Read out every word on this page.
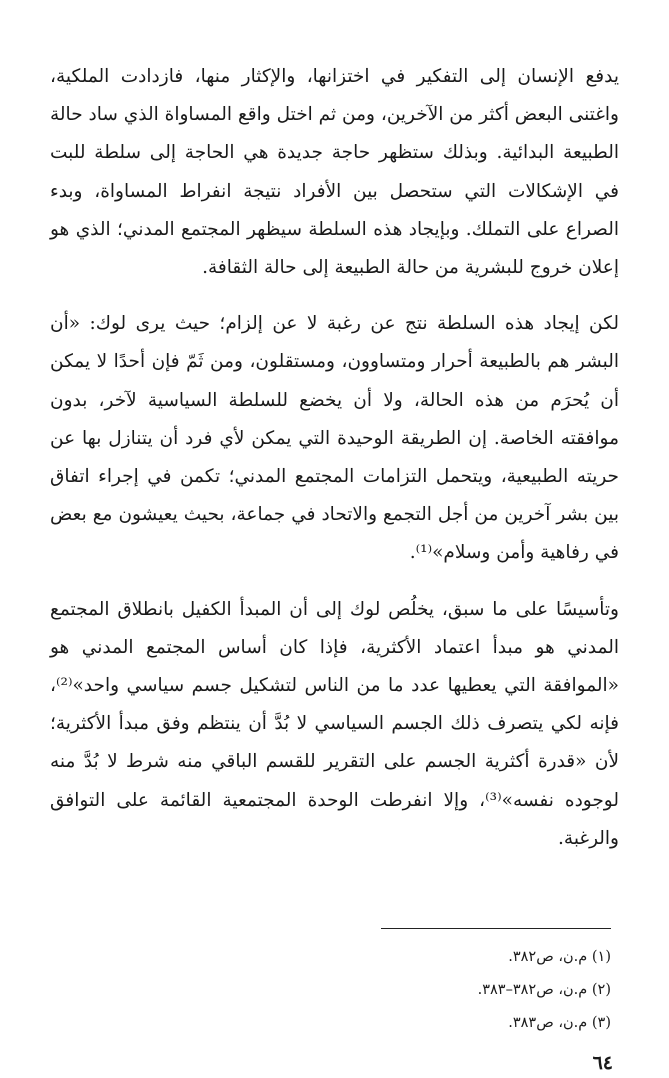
يدفع الإنسان إلى التفكير في اختزانها، والإكثار منها، فازدادت الملكية، واغتنى البعض أكثر من الآخرين، ومن ثم اختل واقع المساواة الذي ساد حالة الطبيعة البدائية. وبذلك ستظهر حاجة جديدة هي الحاجة إلى سلطة للبت في الإشكالات التي ستحصل بين الأفراد نتيجة انفراط المساواة، وبدء الصراع على التملك. وبإيجاد هذه السلطة سيظهر المجتمع المدني؛ الذي هو إعلان خروج للبشرية من حالة الطبيعة إلى حالة الثقافة.

لكن إيجاد هذه السلطة نتج عن رغبة لا عن إلزام؛ حيث يرى لوك: «أن البشر هم بالطبيعة أحرار ومتساوون، ومستقلون، ومن ثَمّ فإن أحدًا لا يمكن أن يُحرَم من هذه الحالة، ولا أن يخضع للسلطة السياسية لآخر، بدون موافقته الخاصة. إن الطريقة الوحيدة التي يمكن لأي فرد أن يتنازل بها عن حريته الطبيعية، ويتحمل التزامات المجتمع المدني؛ تكمن في إجراء اتفاق بين بشر آخرين من أجل التجمع والاتحاد في جماعة، بحيث يعيشون مع بعض في رفاهية وأمن وسلام»⁽¹⁾.

وتأسيسًا على ما سبق، يخلُص لوك إلى أن المبدأ الكفيل بانطلاق المجتمع المدني هو مبدأ اعتماد الأكثرية، فإذا كان أساس المجتمع المدني هو «الموافقة التي يعطيها عدد ما من الناس لتشكيل جسم سياسي واحد»⁽²⁾، فإنه لكي يتصرف ذلك الجسم السياسي لا بُدَّ أن ينتظم وفق مبدأ الأكثرية؛ لأن «قدرة أكثرية الجسم على التقرير للقسم الباقي منه شرط لا بُدَّ منه لوجوده نفسه»⁽³⁾، وإلا انفرطت الوحدة المجتمعية القائمة على التوافق والرغبة.

(١) م.ن، ص٣٨٢.

(٢) م.ن، ص٣٨٢–٣٨٣.

(٣) م.ن، ص٣٨٣.

٦٤
